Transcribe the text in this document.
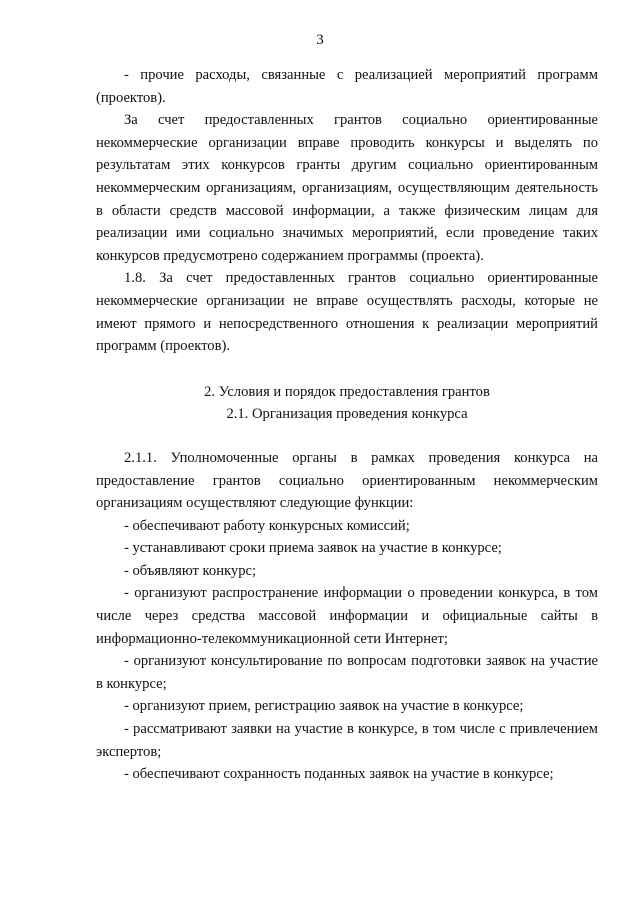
3

- прочие расходы, связанные с реализацией мероприятий программ (проектов).

За счет предоставленных грантов социально ориентированные некоммерческие организации вправе проводить конкурсы и выделять по результатам этих конкурсов гранты другим социально ориентированным некоммерческим организациям, организациям, осуществляющим деятельность в области средств массовой информации, а также физическим лицам для реализации ими социально значимых мероприятий, если проведение таких конкурсов предусмотрено содержанием программы (проекта).

1.8. За счет предоставленных грантов социально ориентированные некоммерческие организации не вправе осуществлять расходы, которые не имеют прямого и непосредственного отношения к реализации мероприятий программ (проектов).

2. Условия и порядок предоставления грантов

2.1. Организация проведения конкурса

2.1.1. Уполномоченные органы в рамках проведения конкурса на предоставление грантов социально ориентированным некоммерческим организациям осуществляют следующие функции:

- обеспечивают работу конкурсных комиссий;

- устанавливают сроки приема заявок на участие в конкурсе;

- объявляют конкурс;

- организуют распространение информации о проведении конкурса, в том числе через средства массовой информации и официальные сайты в информационно-телекоммуникационной сети Интернет;

- организуют консультирование по вопросам подготовки заявок на участие в конкурсе;

- организуют прием, регистрацию заявок на участие в конкурсе;

- рассматривают заявки на участие в конкурсе, в том числе с привлечением экспертов;

- обеспечивают сохранность поданных заявок на участие в конкурсе;
